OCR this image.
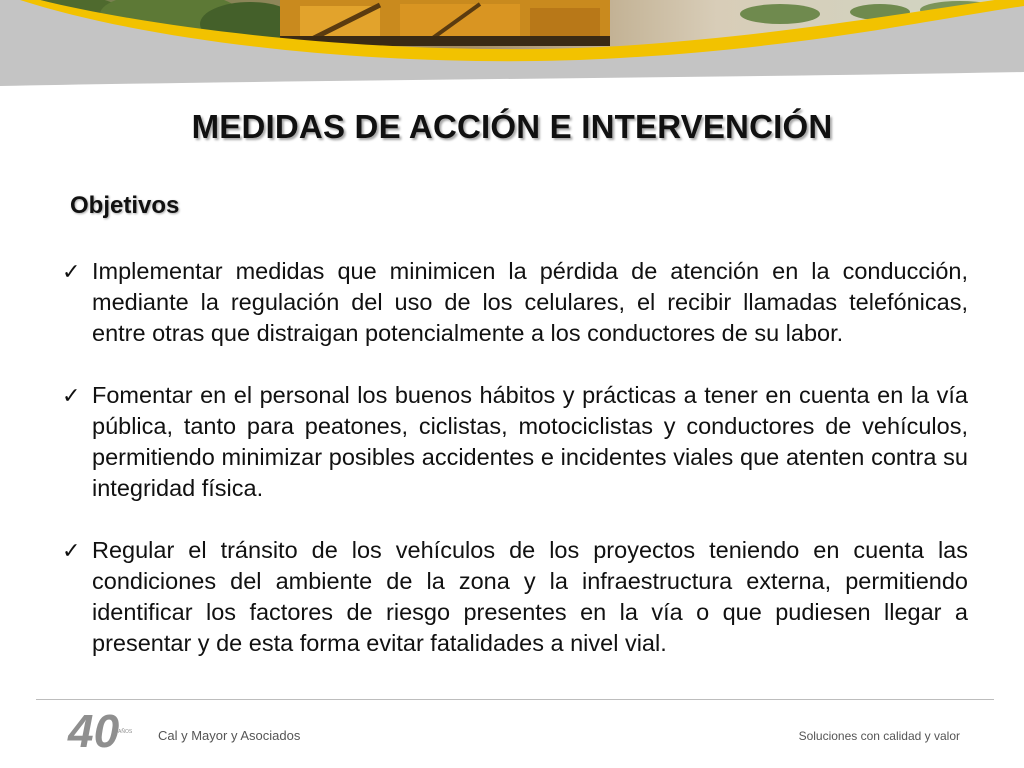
MEDIDAS DE ACCIÓN E INTERVENCIÓN
Objetivos
✓ Implementar medidas que minimicen la pérdida de atención en la conducción, mediante la regulación del uso de los celulares, el recibir llamadas telefónicas, entre otras que distraigan potencialmente a los conductores de su labor.
✓ Fomentar en el personal los buenos hábitos y prácticas a tener en cuenta en la vía pública, tanto para peatones, ciclistas, motociclistas y conductores de vehículos, permitiendo minimizar posibles accidentes e incidentes viales que atenten contra su integridad física.
✓ Regular el tránsito de los vehículos de los proyectos teniendo en cuenta las condiciones del ambiente de la zona y la infraestructura externa, permitiendo identificar los factores de riesgo presentes en la vía o que pudiesen llegar a presentar y de esta forma evitar fatalidades a nivel vial.
40
AÑOS Cal y Mayor y Asociados	Soluciones con calidad y valor
